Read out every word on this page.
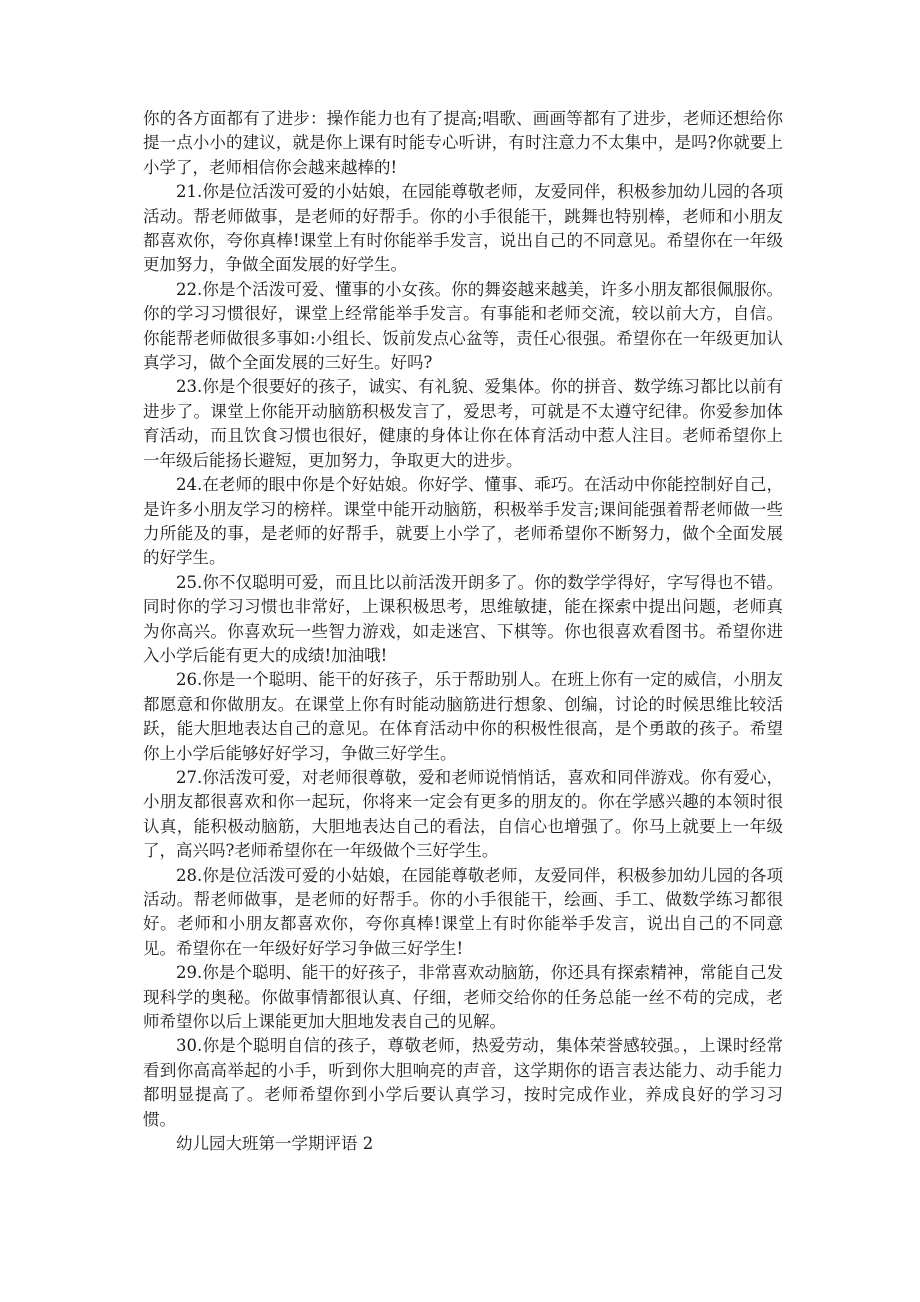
你的各方面都有了进步：操作能力也有了提高;唱歌、画画等都有了进步，老师还想给你提一点小小的建议，就是你上课有时能专心听讲，有时注意力不太集中，是吗?你就要上小学了，老师相信你会越来越棒的!

21.你是位活泼可爱的小姑娘，在园能尊敬老师，友爱同伴，积极参加幼儿园的各项活动。帮老师做事，是老师的好帮手。你的小手很能干，跳舞也特别棒，老师和小朋友都喜欢你，夸你真棒!课堂上有时你能举手发言，说出自己的不同意见。希望你在一年级更加努力，争做全面发展的好学生。

22.你是个活泼可爱、懂事的小女孩。你的舞姿越来越美，许多小朋友都很佩服你。你的学习习惯很好，课堂上经常能举手发言。有事能和老师交流，较以前大方，自信。你能帮老师做很多事如:小组长、饭前发点心盆等，责任心很强。希望你在一年级更加认真学习，做个全面发展的三好生。好吗?

23.你是个很要好的孩子，诚实、有礼貌、爱集体。你的拼音、数学练习都比以前有进步了。课堂上你能开动脑筋积极发言了，爱思考，可就是不太遵守纪律。你爱参加体育活动，而且饮食习惯也很好，健康的身体让你在体育活动中惹人注目。老师希望你上一年级后能扬长避短，更加努力，争取更大的进步。

24.在老师的眼中你是个好姑娘。你好学、懂事、乖巧。在活动中你能控制好自己，是许多小朋友学习的榜样。课堂中能开动脑筋，积极举手发言;课间能强着帮老师做一些力所能及的事，是老师的好帮手，就要上小学了，老师希望你不断努力，做个全面发展的好学生。

25.你不仅聪明可爱，而且比以前活泼开朗多了。你的数学学得好，字写得也不错。同时你的学习习惯也非常好，上课积极思考，思维敏捷，能在探索中提出问题，老师真为你高兴。你喜欢玩一些智力游戏，如走迷宫、下棋等。你也很喜欢看图书。希望你进入小学后能有更大的成绩!加油哦!

26.你是一个聪明、能干的好孩子，乐于帮助别人。在班上你有一定的威信，小朋友都愿意和你做朋友。在课堂上你有时能动脑筋进行想象、创编，讨论的时候思维比较活跃，能大胆地表达自己的意见。在体育活动中你的积极性很高，是个勇敢的孩子。希望你上小学后能够好好学习，争做三好学生。

27.你活泼可爱，对老师很尊敬，爱和老师说悄悄话，喜欢和同伴游戏。你有爱心，小朋友都很喜欢和你一起玩，你将来一定会有更多的朋友的。你在学感兴趣的本领时很认真，能积极动脑筋，大胆地表达自己的看法，自信心也增强了。你马上就要上一年级了，高兴吗?老师希望你在一年级做个三好学生。

28.你是位活泼可爱的小姑娘，在园能尊敬老师，友爱同伴，积极参加幼儿园的各项活动。帮老师做事，是老师的好帮手。你的小手很能干，绘画、手工、做数学练习都很好。老师和小朋友都喜欢你，夸你真棒!课堂上有时你能举手发言，说出自己的不同意见。希望你在一年级好好学习争做三好学生!

29.你是个聪明、能干的好孩子，非常喜欢动脑筋，你还具有探索精神，常能自己发现科学的奥秘。你做事情都很认真、仔细，老师交给你的任务总能一丝不苟的完成，老师希望你以后上课能更加大胆地发表自己的见解。

30.你是个聪明自信的孩子，尊敬老师，热爱劳动，集体荣誉感较强。，上课时经常看到你高高举起的小手，听到你大胆响亮的声音，这学期你的语言表达能力、动手能力都明显提高了。老师希望你到小学后要认真学习，按时完成作业，养成良好的学习习惯。

幼儿园大班第一学期评语 2
